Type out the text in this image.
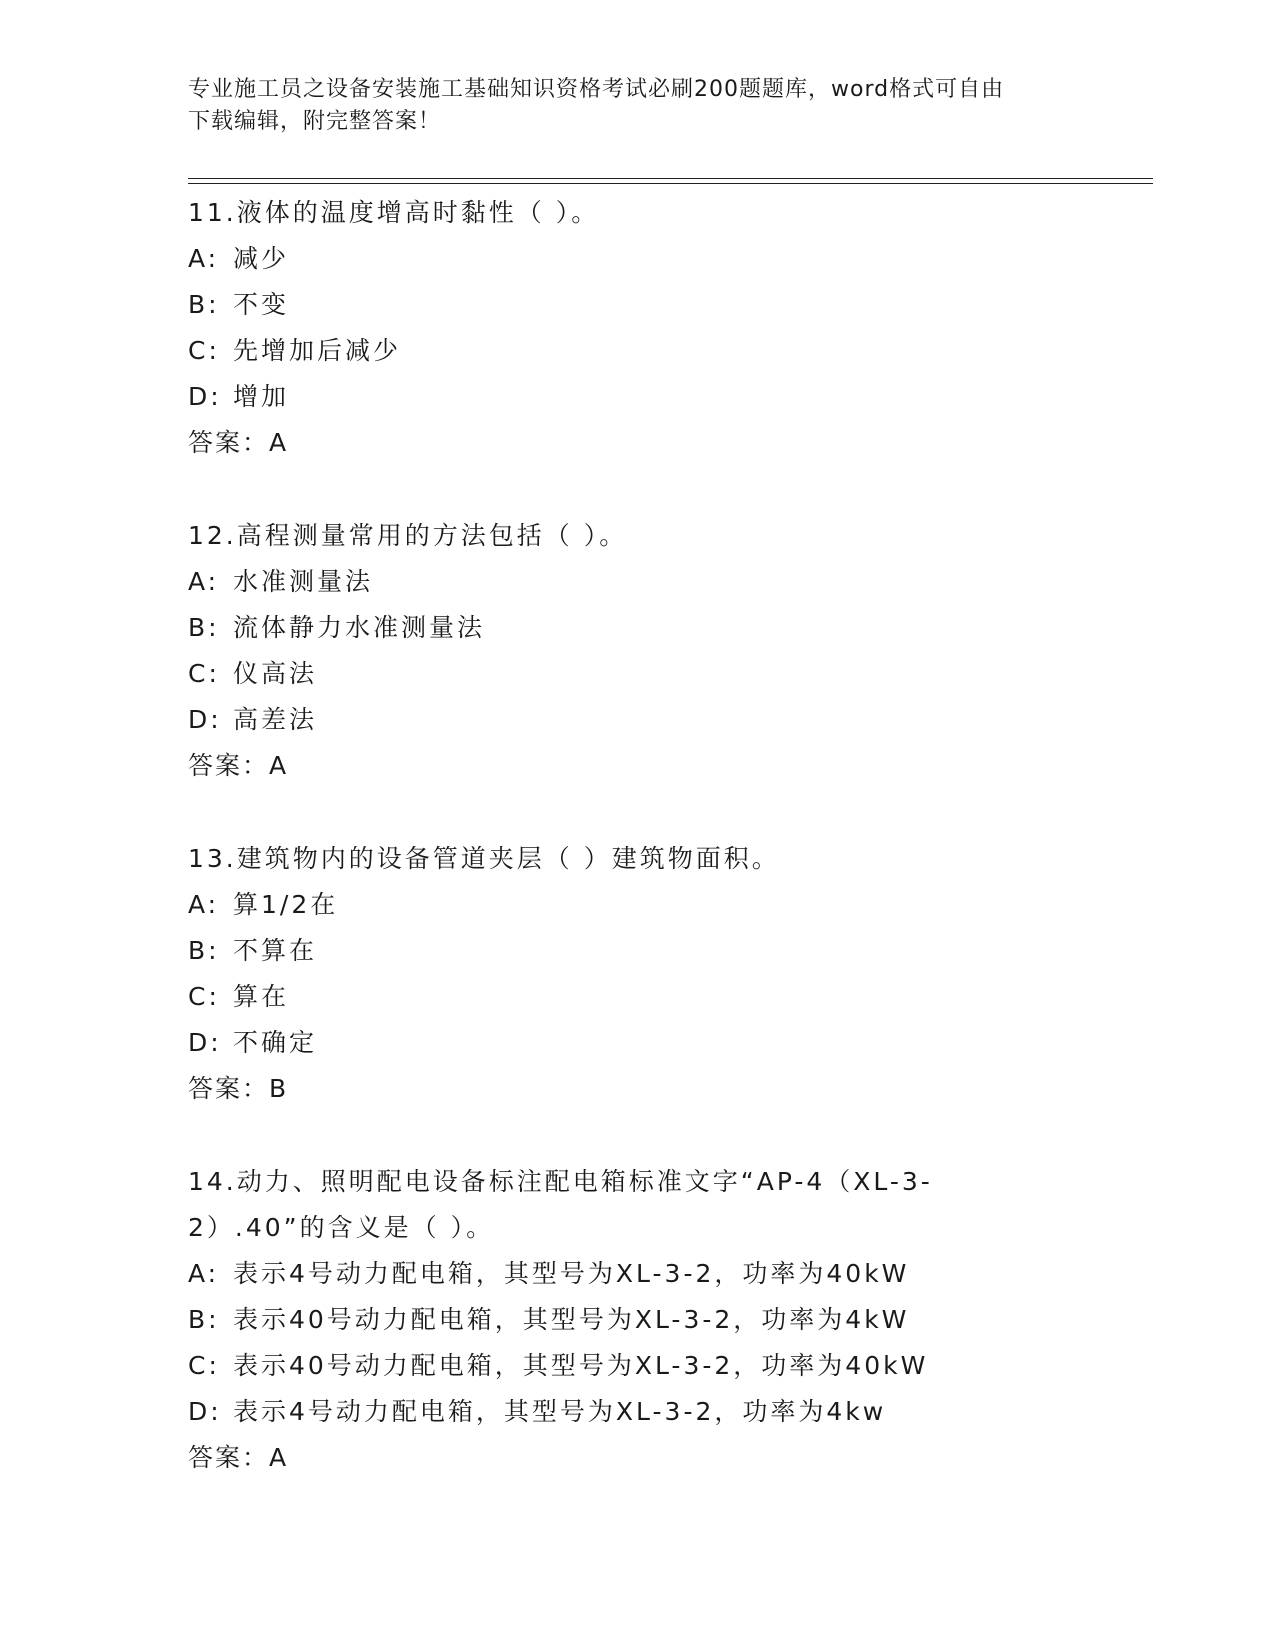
专业施工员之设备安装施工基础知识资格考试必刷200题题库，word格式可自由
下载编辑，附完整答案！
11.液体的温度增高时黏性（ ）。
A: 减少
B: 不变
C: 先增加后减少
D: 增加
答案：A
12.高程测量常用的方法包括（ ）。
A: 水准测量法
B: 流体静力水准测量法
C: 仪高法
D: 高差法
答案：A
13.建筑物内的设备管道夹层（ ）建筑物面积。
A: 算1/2在
B: 不算在
C: 算在
D: 不确定
答案：B
14.动力、照明配电设备标注配电箱标准文字“AP-4（XL-3-2）.40”的含义是（ ）。
A: 表示4号动力配电箱，其型号为XL-3-2，功率为40kW
B: 表示40号动力配电箱，其型号为XL-3-2，功率为4kW
C: 表示40号动力配电箱，其型号为XL-3-2，功率为40kW
D: 表示4号动力配电箱，其型号为XL-3-2，功率为4kw
答案：A
